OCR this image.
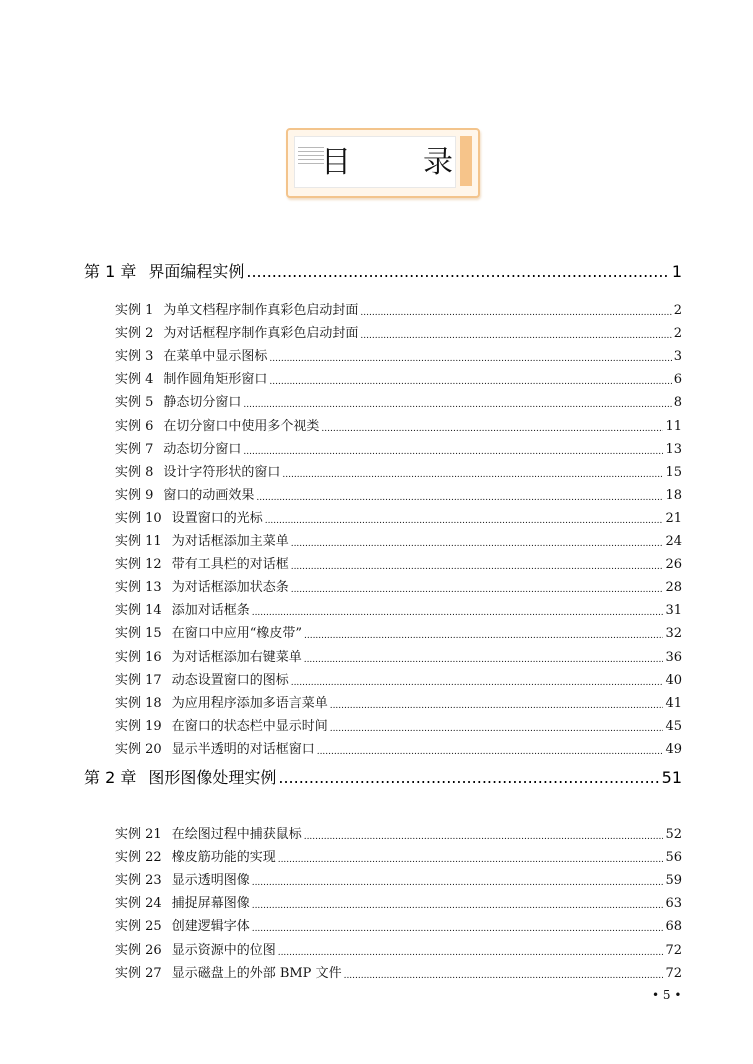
目 录
第 1 章 界面编程实例 .....	1
实例 1 为单文档程序制作真彩色启动封面 .....	2
实例 2 为对话框程序制作真彩色启动封面 .....	2
实例 3 在菜单中显示图标 .....	3
实例 4 制作圆角矩形窗口 .....	6
实例 5 静态切分窗口 .....	8
实例 6 在切分窗口中使用多个视类 .....	11
实例 7 动态切分窗口 .....	13
实例 8 设计字符形状的窗口 .....	15
实例 9 窗口的动画效果 .....	18
实例 10 设置窗口的光标 .....	21
实例 11 为对话框添加主菜单 .....	24
实例 12 带有工具栏的对话框 .....	26
实例 13 为对话框添加状态条 .....	28
实例 14 添加对话框条 .....	31
实例 15 在窗口中应用“橡皮带” .....	32
实例 16 为对话框添加右键菜单 .....	36
实例 17 动态设置窗口的图标 .....	40
实例 18 为应用程序添加多语言菜单 .....	41
实例 19 在窗口的状态栏中显示时间 .....	45
实例 20 显示半透明的对话框窗口 .....	49
第 2 章 图形图像处理实例 .....	51
实例 21 在绘图过程中捕获鼠标 .....	52
实例 22 橡皮筋功能的实现 .....	56
实例 23 显示透明图像 .....	59
实例 24 捕捉屏幕图像 .....	63
实例 25 创建逻辑字体 .....	68
实例 26 显示资源中的位图 .....	72
实例 27 显示磁盘上的外部 BMP 文件 .....	72
• 5 •
